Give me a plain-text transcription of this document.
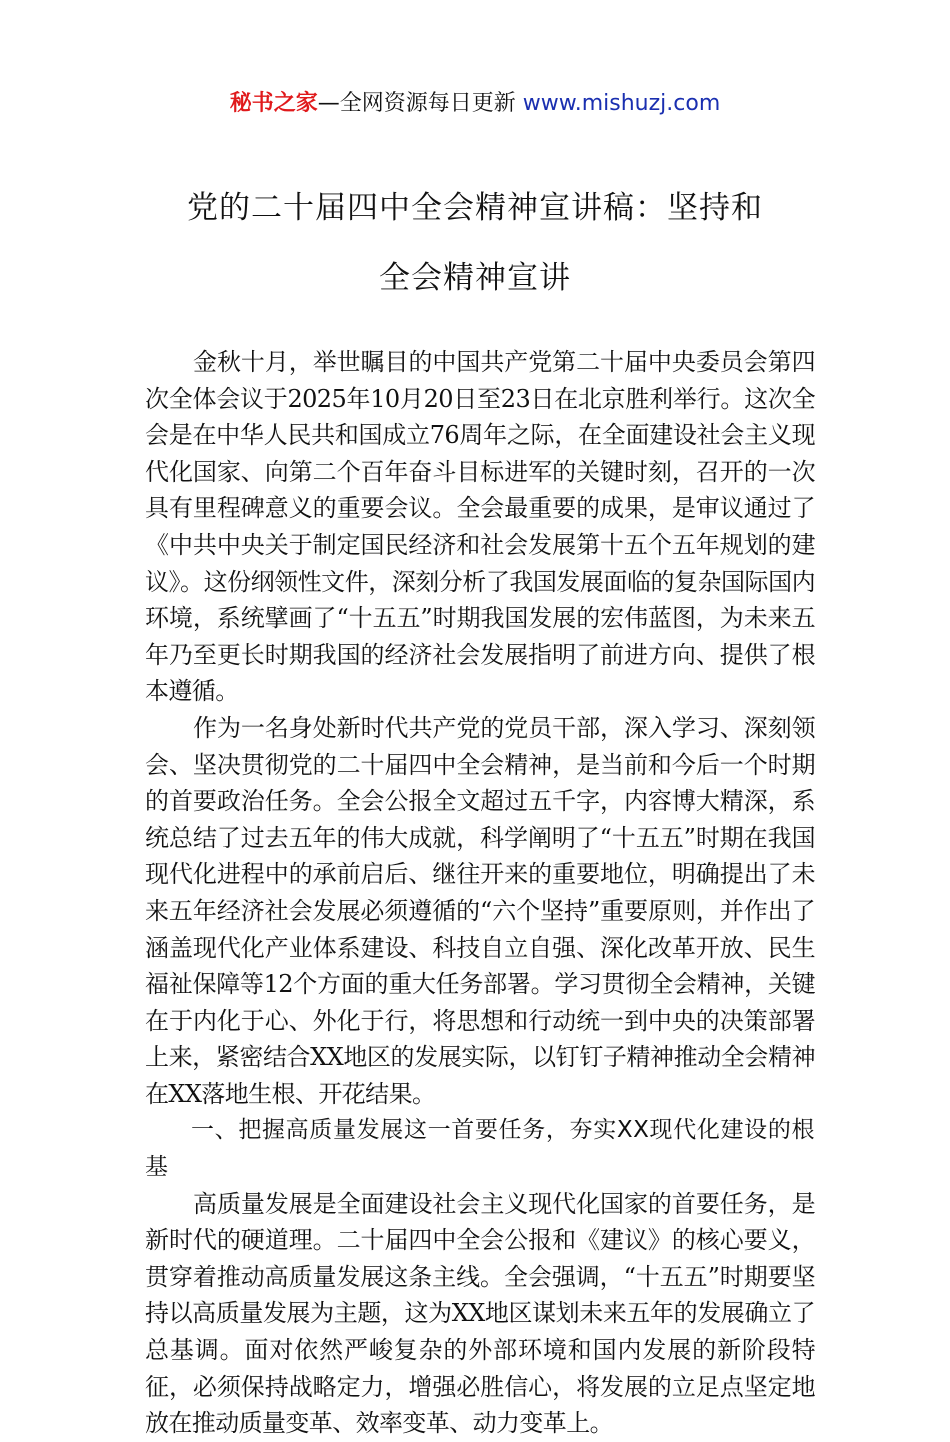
秘书之家—全网资源每日更新 www.mishuzj.com
党的二十届四中全会精神宣讲稿：坚持和
全会精神宣讲

金秋十月，举世瞩目的中国共产党第二十届中央委员会第四次全体会议于2025年10月20日至23日在北京胜利举行。这次全会是在中华人民共和国成立76周年之际，在全面建设社会主义现代化国家、向第二个百年奋斗目标进军的关键时刻，召开的一次具有里程碑意义的重要会议。全会最重要的成果，是审议通过了《中共中央关于制定国民经济和社会发展第十五个五年规划的建议》。这份纲领性文件，深刻分析了我国发展面临的复杂国际国内环境，系统擘画了“十五五”时期我国发展的宏伟蓝图，为未来五年乃至更长时期我国的经济社会发展指明了前进方向、提供了根本遵循。

作为一名身处新时代共产党的党员干部，深入学习、深刻领会、坚决贯彻党的二十届四中全会精神，是当前和今后一个时期的首要政治任务。全会公报全文超过五千字，内容博大精深，系统总结了过去五年的伟大成就，科学阐明了“十五五”时期在我国现代化进程中的承前启后、继往开来的重要地位，明确提出了未来五年经济社会发展必须遵循的“六个坚持”重要原则，并作出了涵盖现代化产业体系建设、科技自立自强、深化改革开放、民生福祉保障等12个方面的重大任务部署。学习贯彻全会精神，关键在于内化于心、外化于行，将思想和行动统一到中央的决策部署上来，紧密结合XX地区的发展实际，以钉钉子精神推动全会精神在XX落地生根、开花结果。

一、把握高质量发展这一首要任务，夯实XX现代化建设的根基

高质量发展是全面建设社会主义现代化国家的首要任务，是新时代的硬道理。二十届四中全会公报和《建议》的核心要义，贯穿着推动高质量发展这条主线。全会强调，“十五五”时期要坚持以高质量发展为主题，这为XX地区谋划未来五年的发展确立了总基调。面对依然严峻复杂的外部环境和国内发展的新阶段特征，必须保持战略定力，增强必胜信心，将发展的立足点坚定地放在推动质量变革、效率变革、动力变革上。
